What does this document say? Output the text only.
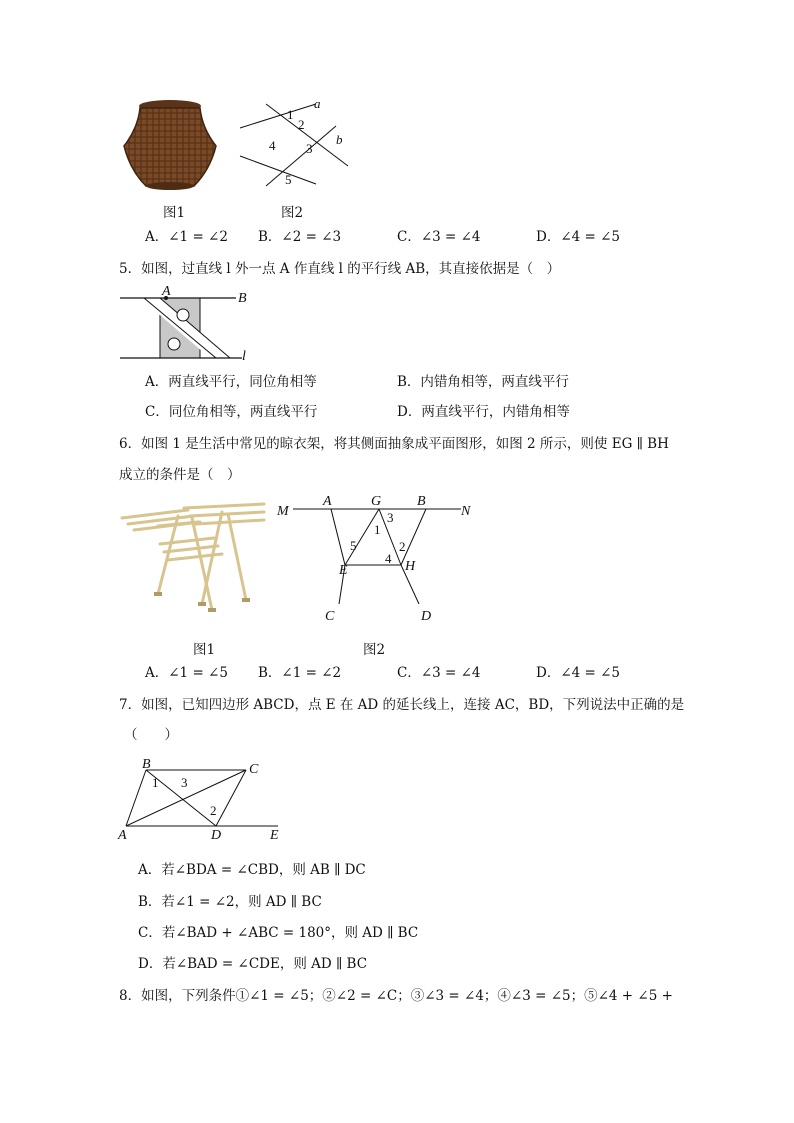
图1
1
2
3
4
5
a
b
图2
A．∠1 = ∠2 B．∠2 = ∠3	C．∠3 = ∠4	D．∠4 = ∠5
5．如图，过直线 l 外一点 A 作直线 l 的平行线 AB，其直接依据是（　）
A	B
l
A．两直线平行，同位角相等	B．内错角相等，两直线平行
C．同位角相等，两直线平行	D．两直线平行，内错角相等
6．如图 1 是生活中常见的晾衣架，将其侧面抽象成平面图形，如图 2 所示，则使 EG ∥ BH
成立的条件是（　）
图1
M
A	G	B
N
1
2
3
4
5
E	H
C	D
图2
A．∠1 = ∠5 B．∠1 = ∠2	C．∠3 = ∠4	D．∠4 = ∠5
7．如图，已知四边形 ABCD，点 E 在 AD 的延长线上，连接 AC，BD，下列说法中正确的是
（　　）
B	C
A	D	E
1
2
3
A．若∠BDA = ∠CBD，则 AB ∥ DC
B．若∠1 = ∠2，则 AD ∥ BC
C．若∠BAD + ∠ABC = 180°，则 AD ∥ BC
D．若∠BAD = ∠CDE，则 AD ∥ BC
8．如图，下列条件①∠1 = ∠5；②∠2 = ∠C；③∠3 = ∠4；④∠3 = ∠5；⑤∠4 + ∠5 +
